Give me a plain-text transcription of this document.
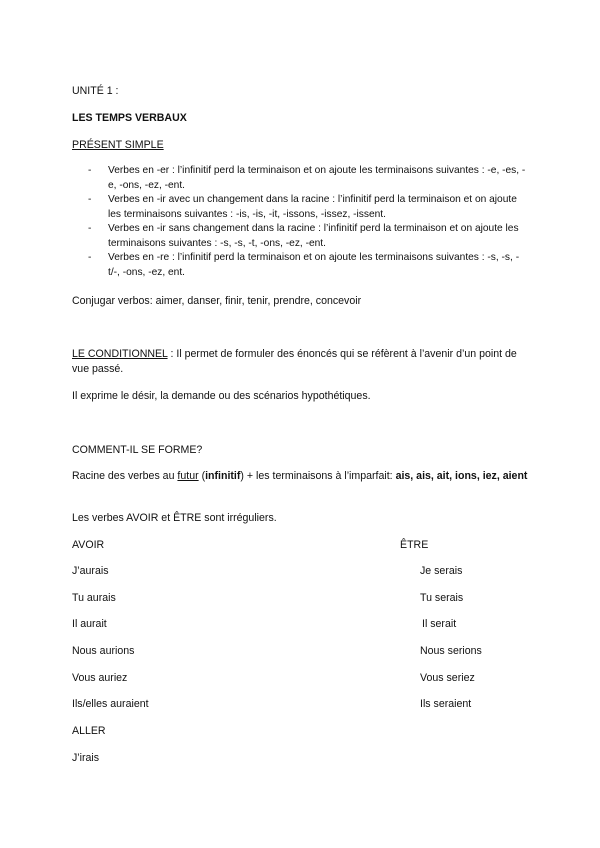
UNITÉ 1 :
LES TEMPS VERBAUX
PRÉSENT SIMPLE
- Verbes en -er : l’infinitif perd la terminaison et on ajoute les terminaisons suivantes : -e, -es, -e, -ons, -ez, -ent.
- Verbes en -ir avec un changement dans la racine : l’infinitif perd la terminaison et on ajoute les terminaisons suivantes : -is, -is, -it, -issons, -issez, -issent.
- Verbes en -ir sans changement dans la racine : l’infinitif perd la terminaison et on ajoute les terminaisons suivantes : -s, -s, -t, -ons, -ez, -ent.
- Verbes en -re : l’infinitif perd la terminaison et on ajoute les terminaisons suivantes : -s, -s, -t/-, -ons, -ez, ent.
Conjugar verbos: aimer, danser, finir, tenir, prendre, concevoir
LE CONDITIONNEL : Il permet de formuler des énoncés qui se réfèrent à l’avenir d’un point de vue passé.
Il exprime le désir, la demande ou des scénarios hypothétiques.
COMMENT-IL SE FORME?
Racine des verbes au futur (infinitif) + les terminaisons à l’imparfait: ais, ais, ait, ions, iez, aient
Les verbes AVOIR et ÊTRE sont irréguliers.
AVOIR
J’aurais
Tu aurais
Il aurait
Nous aurions
Vous auriez
Ils/elles auraient
ÊTRE
Je serais
Tu serais
Il serait
Nous serions
Vous seriez
Ils seraient
ALLER
J’irais
